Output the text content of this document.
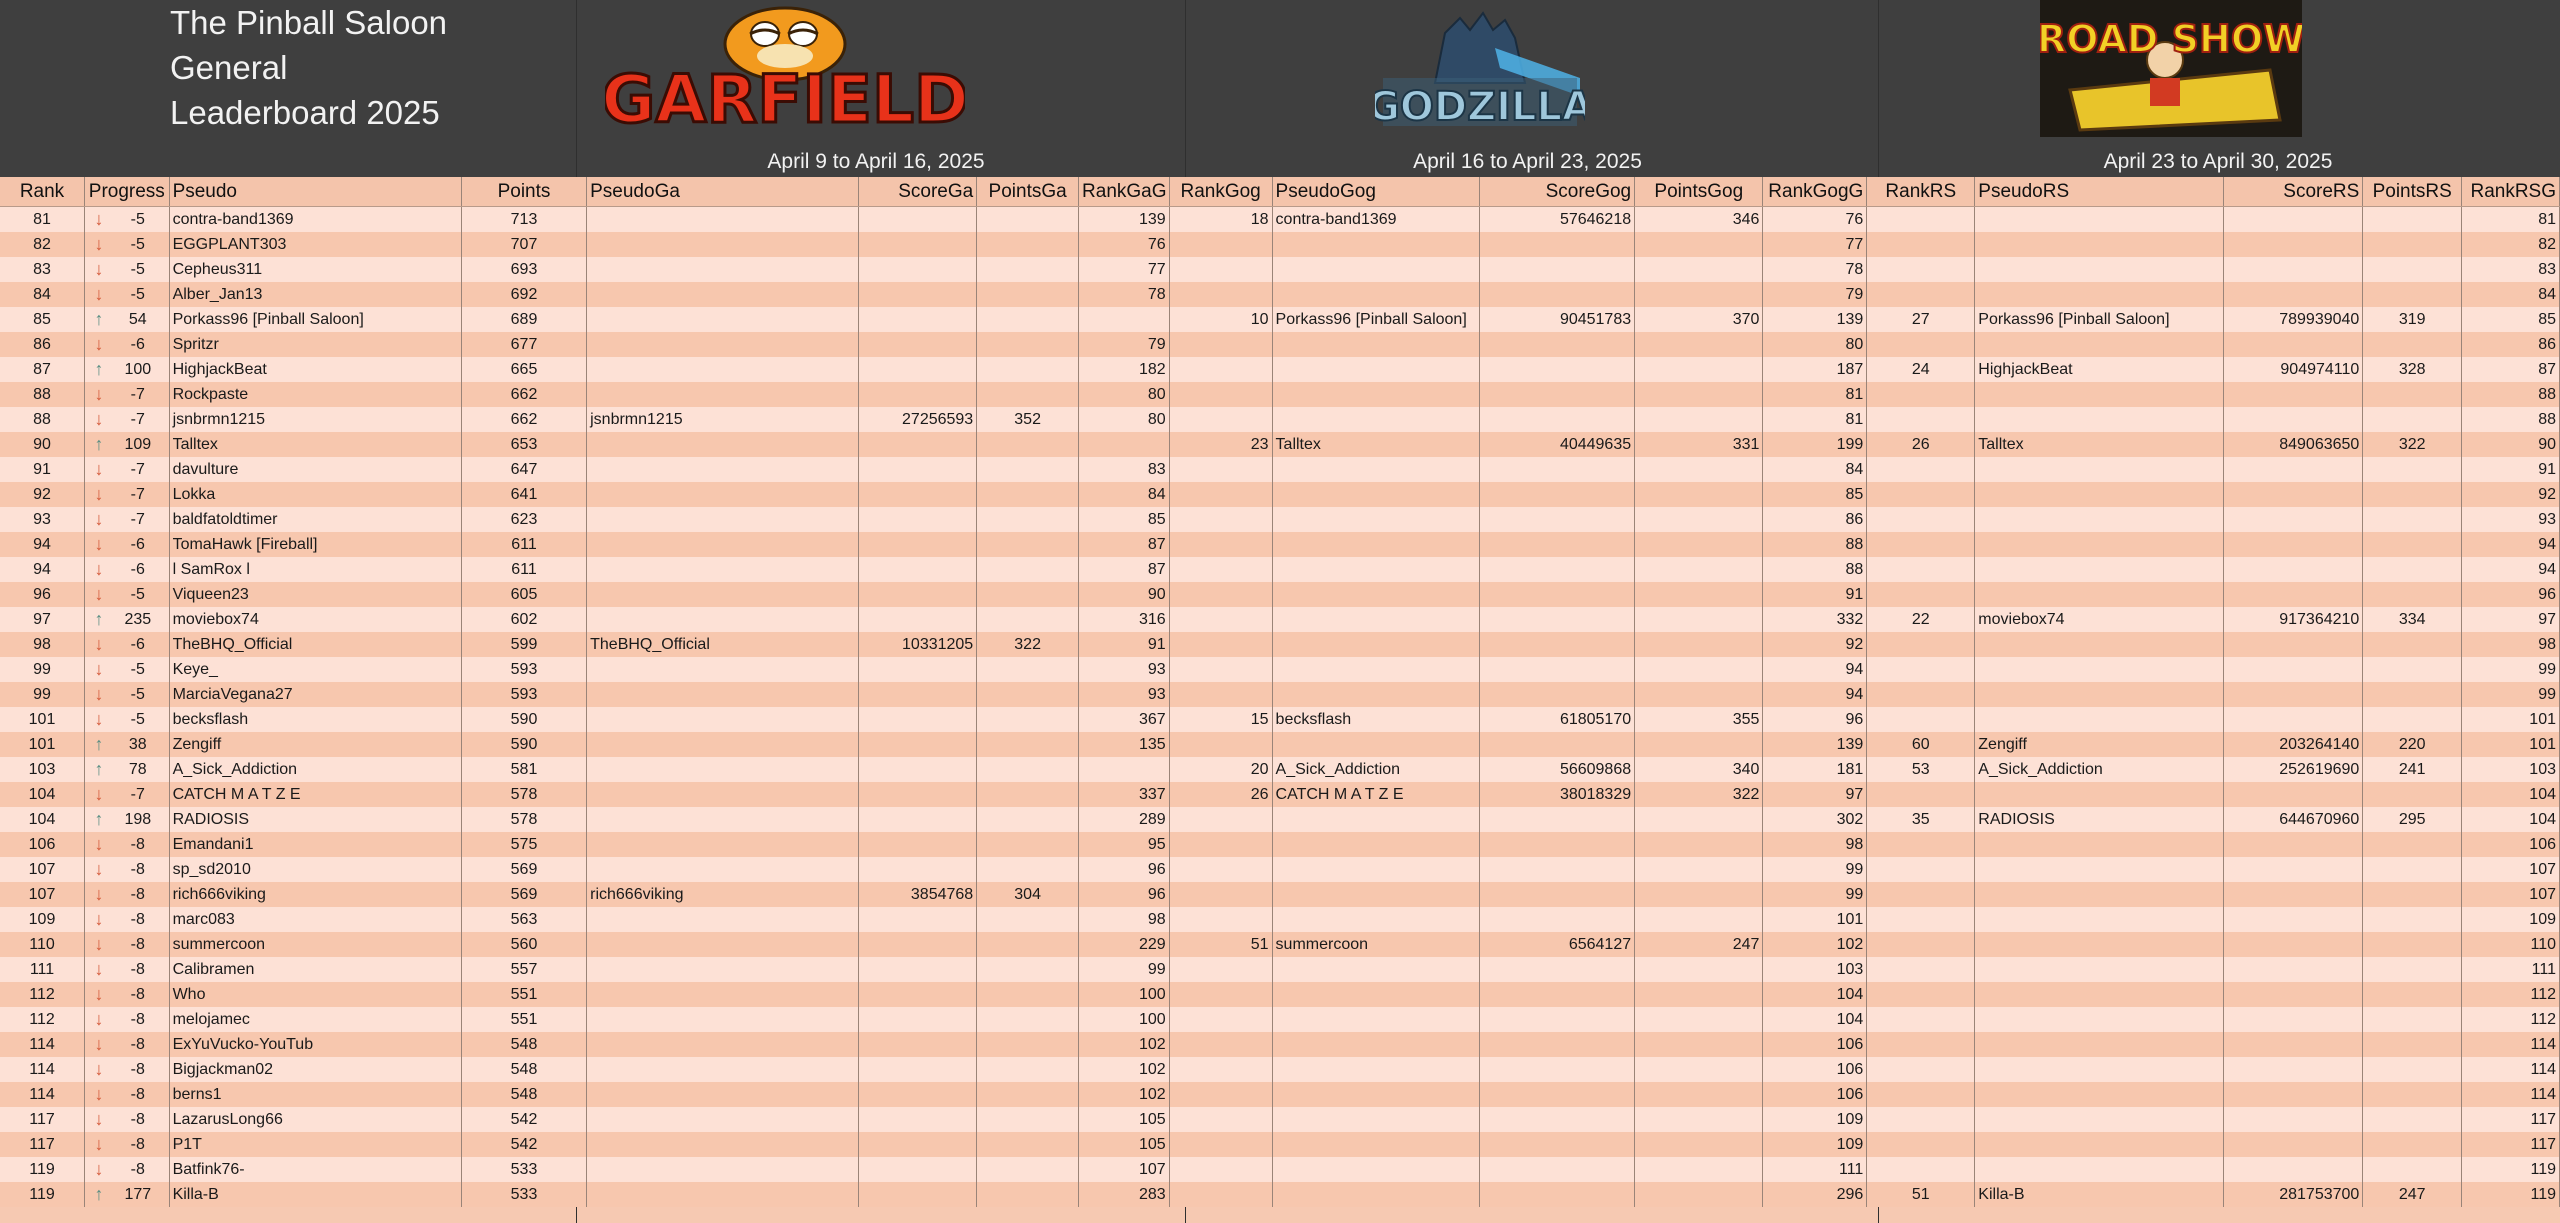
The Pinball Saloon
General
Leaderboard 2025 GARFIELD	GODZILLA
ROAD SHOW
April 9 to April 16, 2025	April 16 to April 23, 2025	April 23 to April 30, 2025
Rank	Progress	Pseudo	Points	PseudoGa	ScoreGa	PointsGa	RankGaG	RankGog	PseudoGog	ScoreGog	PointsGog	RankGogG	RankRS	PseudoRS	ScoreRS	PointsRS	RankRSG
81	↓ -5	contra-band1369	713				139	18	contra-band1369	57646218	346	76					81
82	↓ -5	EGGPLANT303	707				76					77					82
83	↓ -5	Cepheus311	693				77					78					83
84	↓ -5	Alber_Jan13	692				78					79					84
85	↑ 54	Porkass96 [Pinball Saloon]	689					10	Porkass96 [Pinball Saloon]	90451783	370	139	27	Porkass96 [Pinball Saloon]	789939040	319	85
86	↓ -6	Spritzr	677				79					80					86
87	↑ 100	HighjackBeat	665				182					187	24	HighjackBeat	904974110	328	87
88	↓ -7	Rockpaste	662				80					81					88
88	↓ -7	jsnbrmn1215	662	jsnbrmn1215	27256593	352	80					81					88
90	↑ 109	Talltex	653					23	Talltex	40449635	331	199	26	Talltex	849063650	322	90
91	↓ -7	davulture	647				83					84					91
92	↓ -7	Lokka	641				84					85					92
93	↓ -7	baldfatoldtimer	623				85					86					93
94	↓ -6	TomaHawk [Fireball]	611				87					88					94
94	↓ -6	l SamRox l	611				87					88					94
96	↓ -5	Viqueen23	605				90					91					96
97	↑ 235	moviebox74	602				316					332	22	moviebox74	917364210	334	97
98	↓ -6	TheBHQ_Official	599	TheBHQ_Official	10331205	322	91					92					98
99	↓ -5	Keye_	593				93					94					99
99	↓ -5	MarciaVegana27	593				93					94					99
101	↓ -5	becksflash	590				367	15	becksflash	61805170	355	96					101
101	↑ 38	Zengiff	590				135					139	60	Zengiff	203264140	220	101
103	↑ 78	A_Sick_Addiction	581					20	A_Sick_Addiction	56609868	340	181	53	A_Sick_Addiction	252619690	241	103
104	↓ -7	CATCH M A T Z E	578				337	26	CATCH M A T Z E	38018329	322	97					104
104	↑ 198	RADIOSIS	578				289					302	35	RADIOSIS	644670960	295	104
106	↓ -8	Emandani1	575				95					98					106
107	↓ -8	sp_sd2010	569				96					99					107
107	↓ -8	rich666viking	569	rich666viking	3854768	304	96					99					107
109	↓ -8	marc083	563				98					101					109
110	↓ -8	summercoon	560				229	51	summercoon	6564127	247	102					110
111	↓ -8	Calibramen	557				99					103					111
112	↓ -8	Who	551				100					104					112
112	↓ -8	melojamec	551				100					104					112
114	↓ -8	ExYuVucko-YouTub	548				102					106					114
114	↓ -8	Bigjackman02	548				102					106					114
114	↓ -8	berns1	548				102					106					114
117	↓ -8	LazarusLong66	542				105					109					117
117	↓ -8	P1T	542				105					109					117
119	↓ -8	Batfink76-	533				107					111					119
119	↑ 177	Killa-B	533				283					296	51	Killa-B	281753700	247	119
